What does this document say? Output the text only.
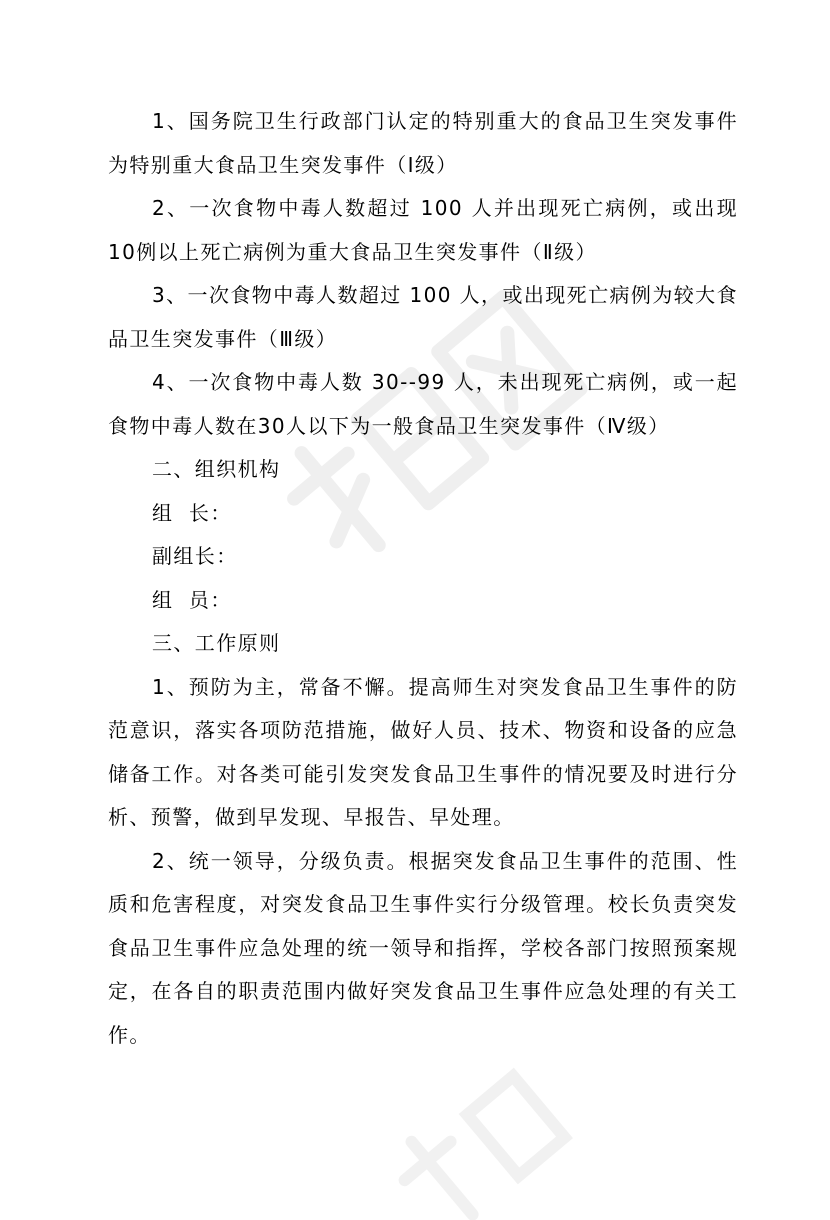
1、国务院卫生行政部门认定的特别重大的食品卫生突发事件为特别重大食品卫生突发事件（Ⅰ级）

2、一次食物中毒人数超过 100 人并出现死亡病例，或出现10例以上死亡病例为重大食品卫生突发事件（Ⅱ级）

3、一次食物中毒人数超过 100 人，或出现死亡病例为较大食品卫生突发事件（Ⅲ级）

4、一次食物中毒人数 30--99 人，未出现死亡病例，或一起食物中毒人数在30人以下为一般食品卫生突发事件（Ⅳ级）

二、组织机构

组  长：

副组长：

组  员：

三、工作原则

1、预防为主，常备不懈。提高师生对突发食品卫生事件的防范意识，落实各项防范措施，做好人员、技术、物资和设备的应急储备工作。对各类可能引发突发食品卫生事件的情况要及时进行分析、预警，做到早发现、早报告、早处理。

2、统一领导，分级负责。根据突发食品卫生事件的范围、性质和危害程度，对突发食品卫生事件实行分级管理。校长负责突发食品卫生事件应急处理的统一领导和指挥，学校各部门按照预案规定，在各自的职责范围内做好突发食品卫生事件应急处理的有关工作。
